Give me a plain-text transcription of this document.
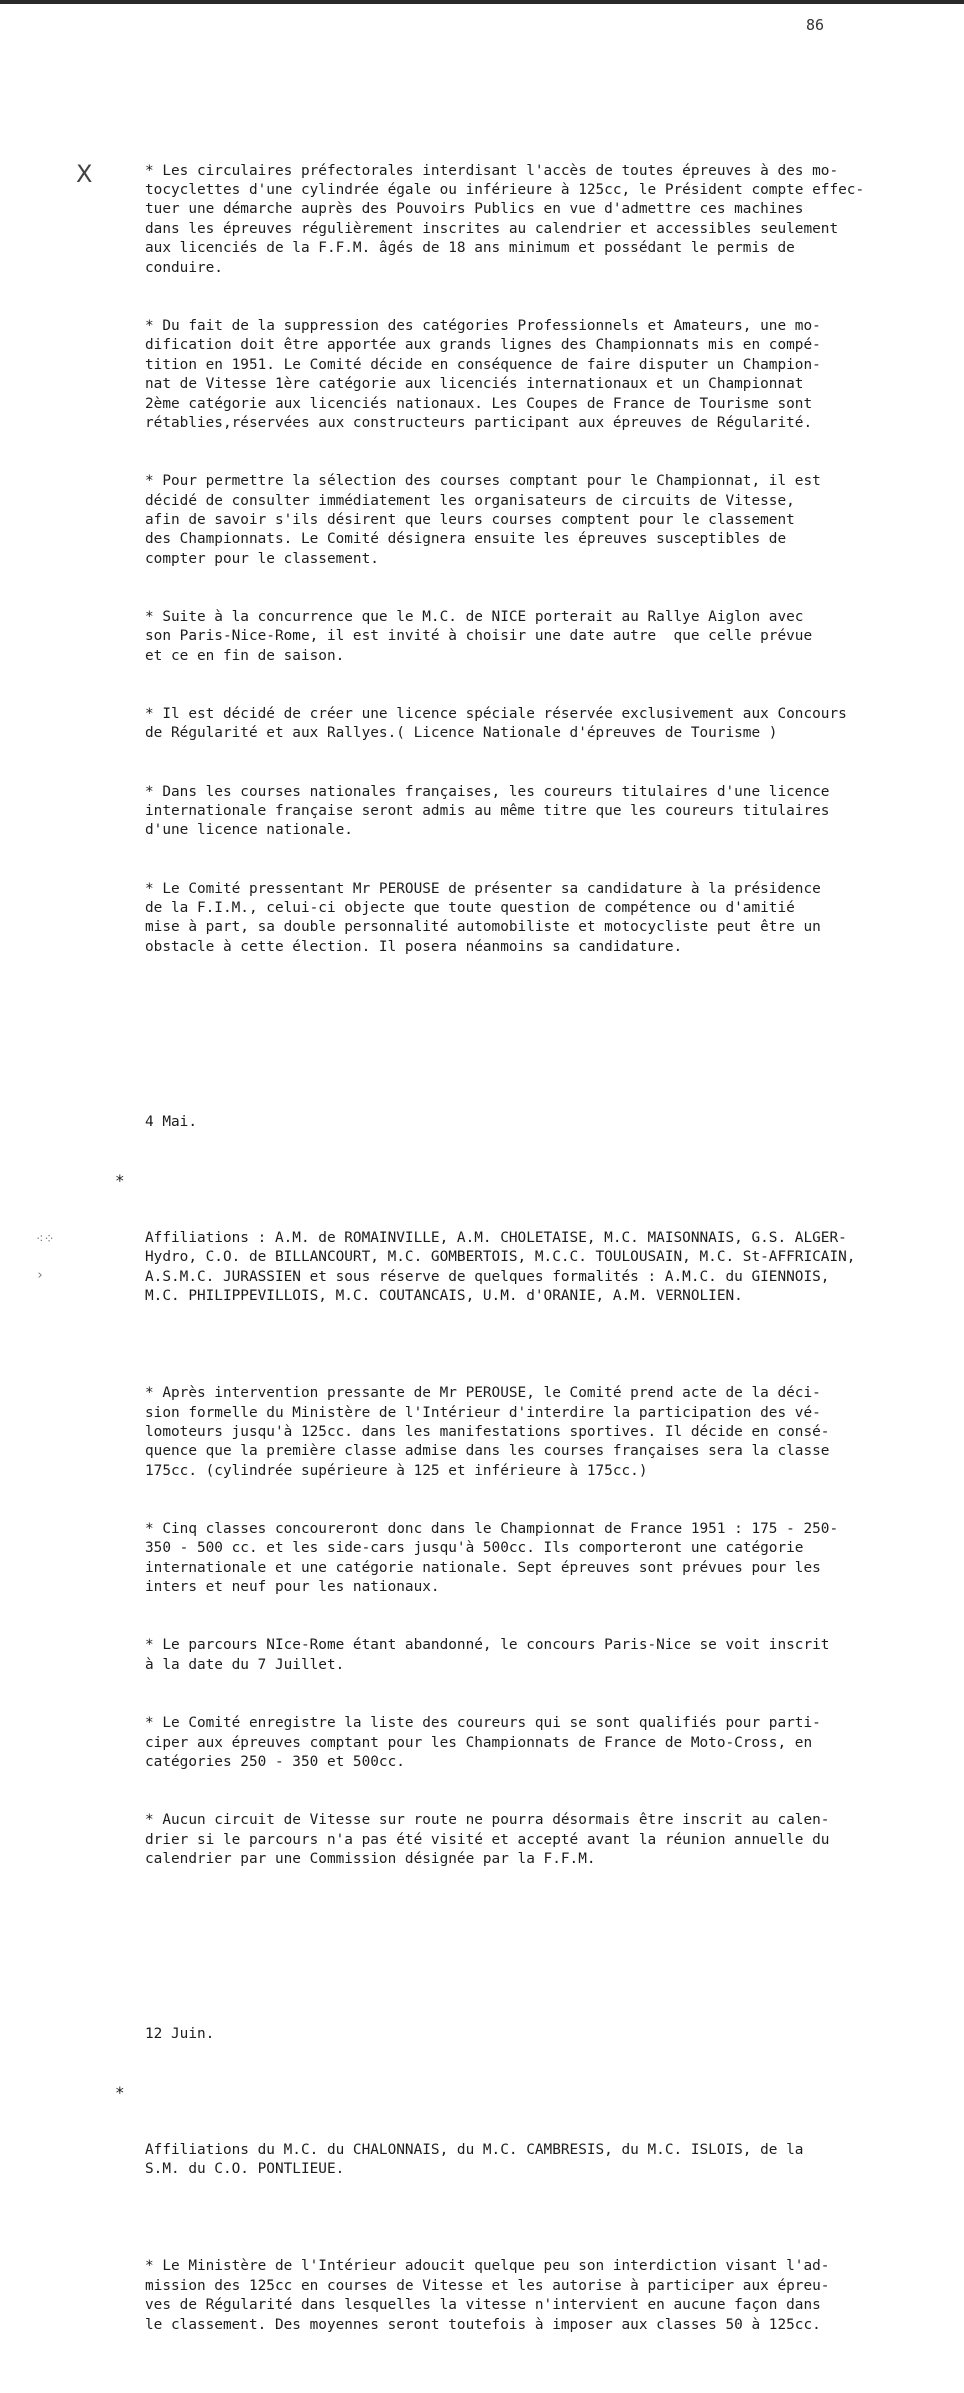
86
X
⁖⁘
›

* Les circulaires préfectorales interdisant l'accès de toutes épreuves à des mo-
tocyclettes d'une cylindrée égale ou inférieure à 125cc, le Président compte effec-
tuer une démarche auprès des Pouvoirs Publics en vue d'admettre ces machines
dans les épreuves régulièrement inscrites au calendrier et accessibles seulement
aux licenciés de la F.F.M. âgés de 18 ans minimum et possédant le permis de
conduire.

* Du fait de la suppression des catégories Professionnels et Amateurs, une mo-
dification doit être apportée aux grands lignes des Championnats mis en compé-
tition en 1951. Le Comité décide en conséquence de faire disputer un Champion-
nat de Vitesse 1ère catégorie aux licenciés internationaux et un Championnat
2ème catégorie aux licenciés nationaux. Les Coupes de France de Tourisme sont
rétablies,réservées aux constructeurs participant aux épreuves de Régularité.

* Pour permettre la sélection des courses comptant pour le Championnat, il est
décidé de consulter immédiatement les organisateurs de circuits de Vitesse,
afin de savoir s'ils désirent que leurs courses comptent pour le classement
des Championnats. Le Comité désignera ensuite les épreuves susceptibles de
compter pour le classement.

* Suite à la concurrence que le M.C. de NICE porterait au Rallye Aiglon avec
son Paris-Nice-Rome, il est invité à choisir une date autre  que celle prévue
et ce en fin de saison.

* Il est décidé de créer une licence spéciale réservée exclusivement aux Concours
de Régularité et aux Rallyes.( Licence Nationale d'épreuves de Tourisme )

* Dans les courses nationales françaises, les coureurs titulaires d'une licence
internationale française seront admis au même titre que les coureurs titulaires
d'une licence nationale.

* Le Comité pressentant Mr PEROUSE de présenter sa candidature à la présidence
de la F.I.M., celui-ci objecte que toute question de compétence ou d'amitié
mise à part, sa double personnalité automobiliste et motocycliste peut être un
obstacle à cette élection. Il posera néanmoins sa candidature.

4 Mai.

*

Affiliations : A.M. de ROMAINVILLE, A.M. CHOLETAISE, M.C. MAISONNAIS, G.S. ALGER-
Hydro, C.O. de BILLANCOURT, M.C. GOMBERTOIS, M.C.C. TOULOUSAIN, M.C. St-AFFRICAIN,
A.S.M.C. JURASSIEN et sous réserve de quelques formalités : A.M.C. du GIENNOIS,
M.C. PHILIPPEVILLOIS, M.C. COUTANCAIS, U.M. d'ORANIE, A.M. VERNOLIEN.

* Après intervention pressante de Mr PEROUSE, le Comité prend acte de la déci-
sion formelle du Ministère de l'Intérieur d'interdire la participation des vé-
lomoteurs jusqu'à 125cc. dans les manifestations sportives. Il décide en consé-
quence que la première classe admise dans les courses françaises sera la classe
175cc. (cylindrée supérieure à 125 et inférieure à 175cc.)

* Cinq classes concoureront donc dans le Championnat de France 1951 : 175 - 250-
350 - 500 cc. et les side-cars jusqu'à 500cc. Ils comporteront une catégorie
internationale et une catégorie nationale. Sept épreuves sont prévues pour les
inters et neuf pour les nationaux.

* Le parcours NIce-Rome étant abandonné, le concours Paris-Nice se voit inscrit
à la date du 7 Juillet.

* Le Comité enregistre la liste des coureurs qui se sont qualifiés pour parti-
ciper aux épreuves comptant pour les Championnats de France de Moto-Cross, en
catégories 250 - 350 et 500cc.

* Aucun circuit de Vitesse sur route ne pourra désormais être inscrit au calen-
drier si le parcours n'a pas été visité et accepté avant la réunion annuelle du
calendrier par une Commission désignée par la F.F.M.

12 Juin.

*

Affiliations du M.C. du CHALONNAIS, du M.C. CAMBRESIS, du M.C. ISLOIS, de la
S.M. du C.O. PONTLIEUE.

* Le Ministère de l'Intérieur adoucit quelque peu son interdiction visant l'ad-
mission des 125cc en courses de Vitesse et les autorise à participer aux épreu-
ves de Régularité dans lesquelles la vitesse n'intervient en aucune façon dans
le classement. Des moyennes seront toutefois à imposer aux classes 50 à 125cc.
